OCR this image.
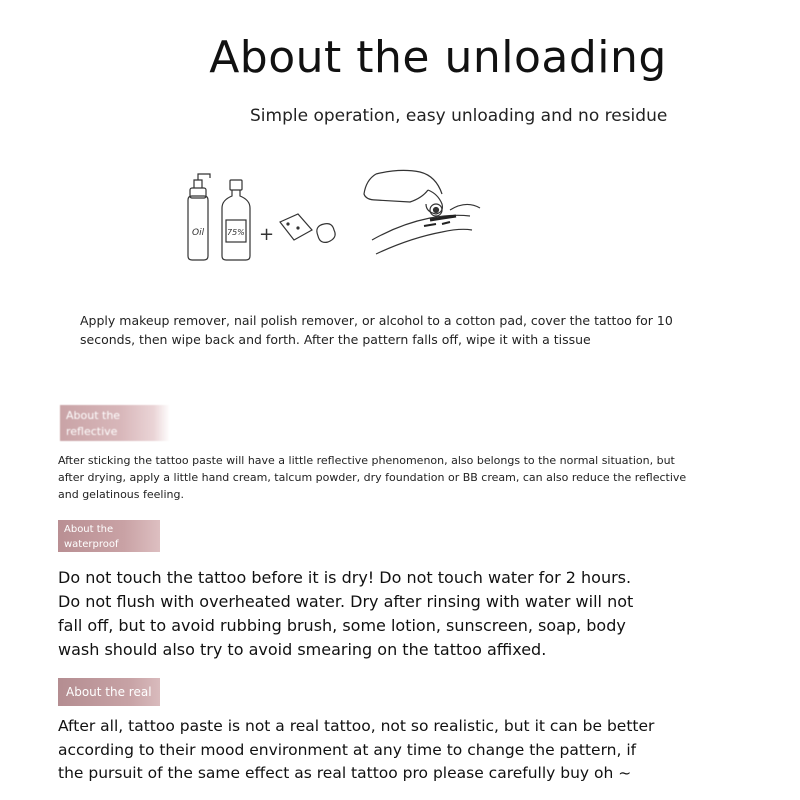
About the unloading
Simple operation, easy unloading and no residue
Oil	75% +
Apply makeup remover, nail polish remover, or alcohol to a cotton pad, cover the tattoo for 10 seconds, then wipe back and forth. After the pattern falls off, wipe it with a tissue
About the
reflective
After sticking the tattoo paste will have a little reflective phenomenon, also belongs to the normal situation, but after drying, apply a little hand cream, talcum powder, dry foundation or BB cream, can also reduce the reflective and gelatinous feeling.
About the
waterproof
Do not touch the tattoo before it is dry! Do not touch water for 2 hours. Do not flush with overheated water. Dry after rinsing with water will not fall off, but to avoid rubbing brush, some lotion, sunscreen, soap, body wash should also try to avoid smearing on the tattoo affixed.
About the real
After all, tattoo paste is not a real tattoo, not so realistic, but it can be better according to their mood environment at any time to change the pattern, if the pursuit of the same effect as real tattoo pro please carefully buy oh ~
